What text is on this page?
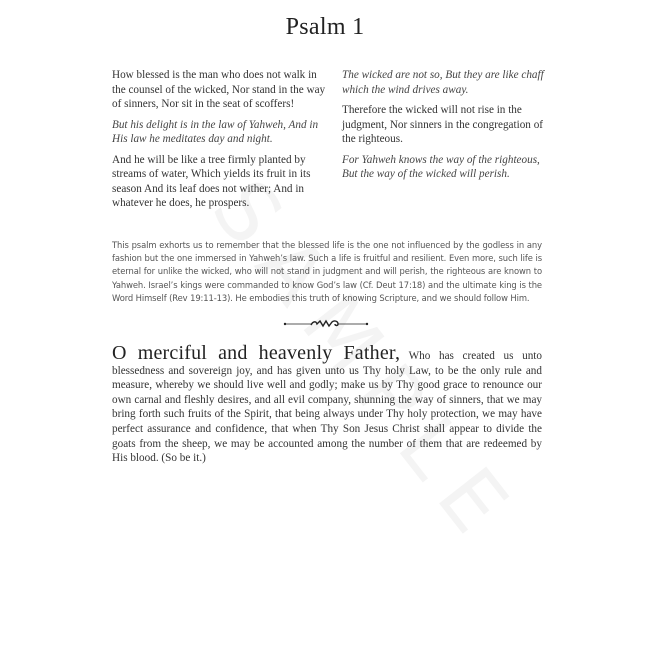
Psalm 1

How blessed is the man who does not walk in the counsel of the wicked, Nor stand in the way of sinners, Nor sit in the seat of scoffers!

But his delight is in the law of Yahweh, And in His law he meditates day and night.

And he will be like a tree firmly planted by streams of water, Which yields its fruit in its season And its leaf does not wither; And in whatever he does, he prospers.

The wicked are not so, But they are like chaff which the wind drives away.

Therefore the wicked will not rise in the judgment, Nor sinners in the congregation of the righteous.

For Yahweh knows the way of the righteous, But the way of the wicked will perish.

This psalm exhorts us to remember that the blessed life is the one not influenced by the godless in any fashion but the one immersed in Yahweh’s law. Such a life is fruitful and resilient. Even more, such life is eternal for unlike the wicked, who will not stand in judgment and will perish, the righteous are known to Yahweh. Israel’s kings were commanded to know God’s law (Cf. Deut 17:18) and the ultimate king is the Word Himself (Rev 19:11-13). He embodies this truth of knowing Scripture, and we should follow Him.
O merciful and heavenly Father, Who has created us unto blessedness and sovereign joy, and has given unto us Thy holy Law, to be the only rule and measure, whereby we should live well and godly; make us by Thy good grace to renounce our own carnal and fleshly desires, and all evil company, shunning the way of sinners, that we may bring forth such fruits of the Spirit, that being always under Thy holy protection, we may have perfect assurance and confidence, that when Thy Son Jesus Christ shall appear to divide the goats from the sheep, we may be accounted among the number of them that are redeemed by His blood. (So be it.)
